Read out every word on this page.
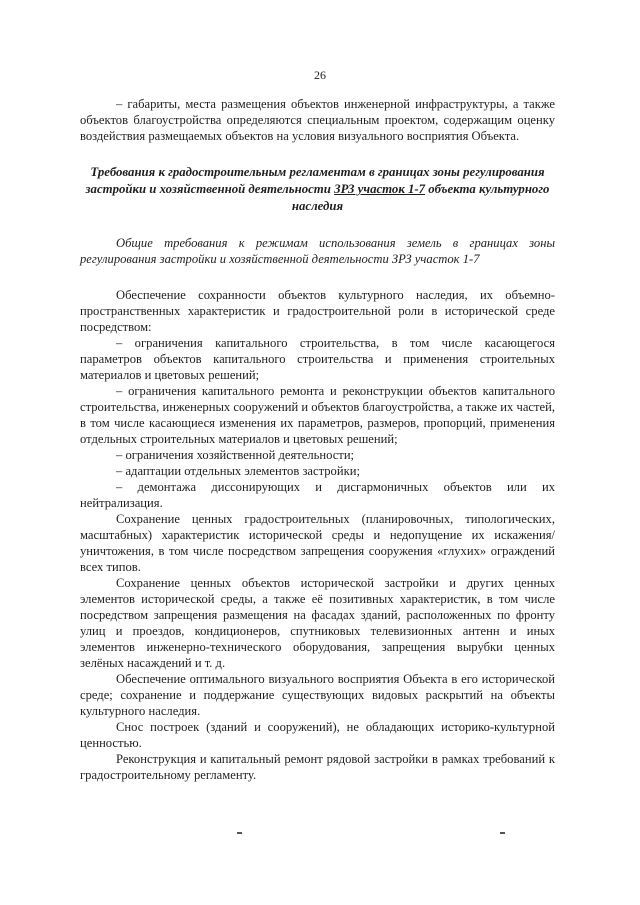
26

– габариты, места размещения объектов инженерной инфраструктуры, а также объектов благоустройства определяются специальным проектом, содержащим оценку воздействия размещаемых объектов на условия визуального восприятия Объекта.

Требования к градостроительным регламентам в границах зоны регулирования застройки и хозяйственной деятельности ЗРЗ участок 1-7 объекта культурного наследия

Общие требования к режимам использования земель в границах зоны регулирования застройки и хозяйственной деятельности ЗРЗ участок 1-7

Обеспечение сохранности объектов культурного наследия, их объемно-пространственных характеристик и градостроительной роли в исторической среде посредством:

– ограничения капитального строительства, в том числе касающегося параметров объектов капитального строительства и применения строительных материалов и цветовых решений;

– ограничения капитального ремонта и реконструкции объектов капитального строительства, инженерных сооружений и объектов благоустройства, а также их частей, в том числе касающиеся изменения их параметров, размеров, пропорций, применения отдельных строительных материалов и цветовых решений;

– ограничения хозяйственной деятельности;

– адаптации отдельных элементов застройки;

– демонтажа диссонирующих и дисгармоничных объектов или их нейтрализация.

Сохранение ценных градостроительных (планировочных, типологических, масштабных) характеристик исторической среды и недопущение их искажения/уничтожения, в том числе посредством запрещения сооружения «глухих» ограждений всех типов.

Сохранение ценных объектов исторической застройки и других ценных элементов исторической среды, а также её позитивных характеристик, в том числе посредством запрещения размещения на фасадах зданий, расположенных по фронту улиц и проездов, кондиционеров, спутниковых телевизионных антенн и иных элементов инженерно-технического оборудования, запрещения вырубки ценных зелёных насаждений и т. д.

Обеспечение оптимального визуального восприятия Объекта в его исторической среде; сохранение и поддержание существующих видовых раскрытий на объекты культурного наследия.

Снос построек (зданий и сооружений), не обладающих историко-культурной ценностью.

Реконструкция и капитальный ремонт рядовой застройки в рамках требований к градостроительному регламенту.
